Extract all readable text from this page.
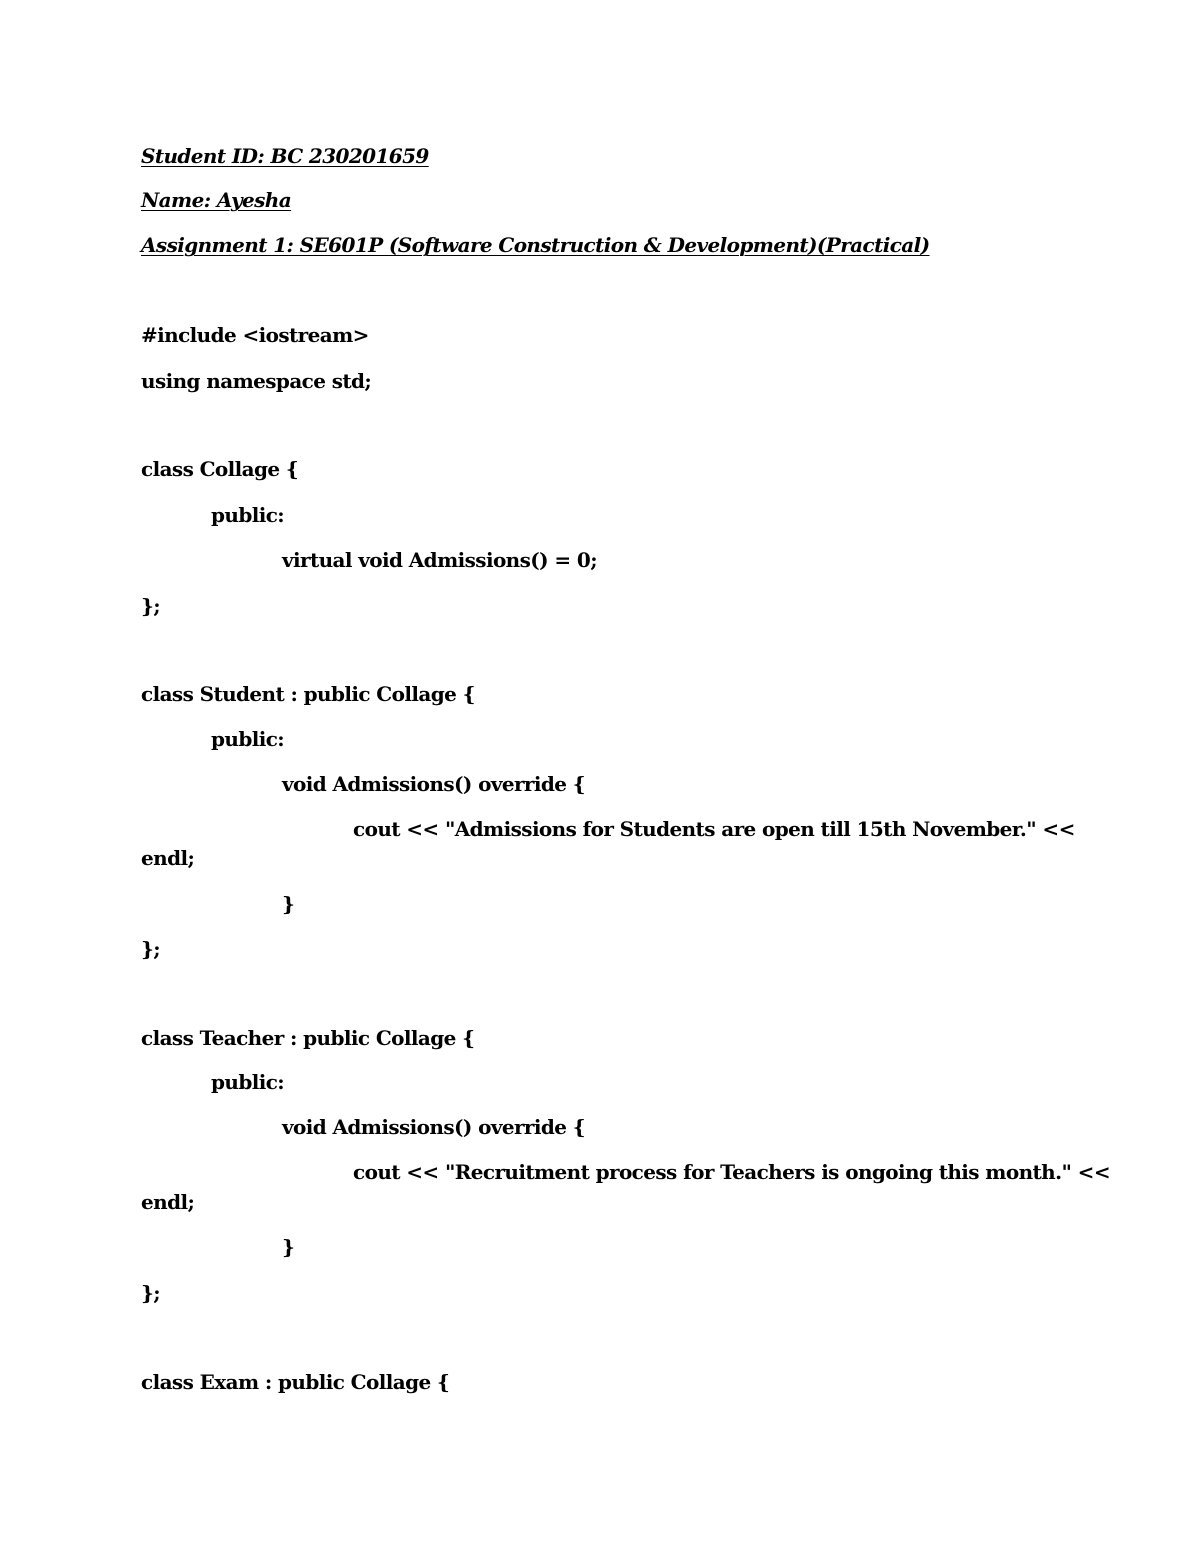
Student ID: BC 230201659
Name: Ayesha
Assignment 1: SE601P (Software Construction & Development)(Practical)
#include <iostream>
using namespace std;
class Collage {
public:
virtual void Admissions() = 0;
};
class Student : public Collage {
public:
void Admissions() override {
cout << "Admissions for Students are open till 15th November." <<
endl;
}
};
class Teacher : public Collage {
public:
void Admissions() override {
cout << "Recruitment process for Teachers is ongoing this month." <<
endl;
}
};
class Exam : public Collage {
